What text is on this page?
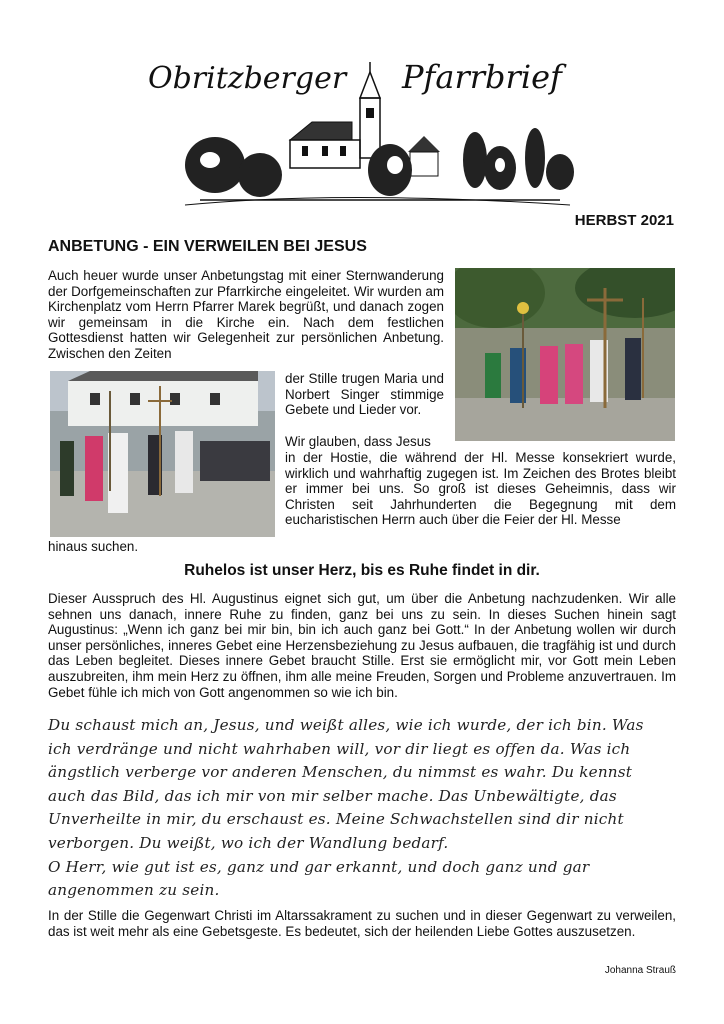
Obritzberger Pfarrbrief
HERBST 2021
ANBETUNG - EIN VERWEILEN BEI JESUS

Auch heuer wurde unser Anbetungstag mit einer Sternwanderung der Dorfgemeinschaften zur Pfarrkirche eingeleitet. Wir wurden am Kirchenplatz vom Herrn Pfarrer Marek begrüßt, und danach zogen wir gemeinsam in die Kirche ein. Nach dem festlichen Gottesdienst hatten wir Gelegenheit zur persönlichen Anbetung. Zwischen den Zeiten

der Stille trugen Maria und Norbert Singer stimmige Gebete und Lieder vor.

Wir glauben, dass Jesus

in der Hostie, die während der Hl. Messe konsekriert wurde, wirklich und wahrhaftig zugegen ist. Im Zeichen des Brotes bleibt er immer bei uns. So groß ist dieses Geheimnis, dass wir Christen seit Jahrhunderten die Begegnung mit dem eucharistischen Herrn auch über die Feier der Hl. Messe

hinaus suchen.

Ruhelos ist unser Herz, bis es Ruhe findet in dir.

Dieser Ausspruch des Hl. Augustinus eignet sich gut, um über die Anbetung nachzudenken. Wir alle sehnen uns danach, innere Ruhe zu finden, ganz bei uns zu sein. In dieses Suchen hinein sagt Augustinus: „Wenn ich ganz bei mir bin, bin ich auch ganz bei Gott.“ In der Anbetung wollen wir durch unser persönliches, inneres Gebet eine Herzensbeziehung zu Jesus aufbauen, die tragfähig ist und durch das Leben begleitet. Dieses innere Gebet braucht Stille. Erst sie ermöglicht mir, vor Gott mein Leben auszubreiten, ihm mein Herz zu öffnen, ihm alle meine Freuden, Sorgen und Probleme anzuvertrauen. Im Gebet fühle ich mich von Gott angenommen so wie ich bin.

Du schaust mich an, Jesus, und weißt alles, wie ich wurde, der ich bin. Was
ich verdränge und nicht wahrhaben will, vor dir liegt es offen da. Was ich
ängstlich verberge vor anderen Menschen, du nimmst es wahr. Du kennst
auch das Bild, das ich mir von mir selber mache. Das Unbewältigte, das
Unverheilte in mir, du erschaust es. Meine Schwachstellen sind dir nicht
verborgen. Du weißt, wo ich der Wandlung bedarf.
O Herr, wie gut ist es, ganz und gar erkannt, und doch ganz und gar
angenommen zu sein.

In der Stille die Gegenwart Christi im Altarssakrament zu suchen und in dieser Gegenwart zu verweilen, das ist weit mehr als eine Gebetsgeste. Es bedeutet, sich der heilenden Liebe Gottes auszusetzen.

Johanna Strauß
